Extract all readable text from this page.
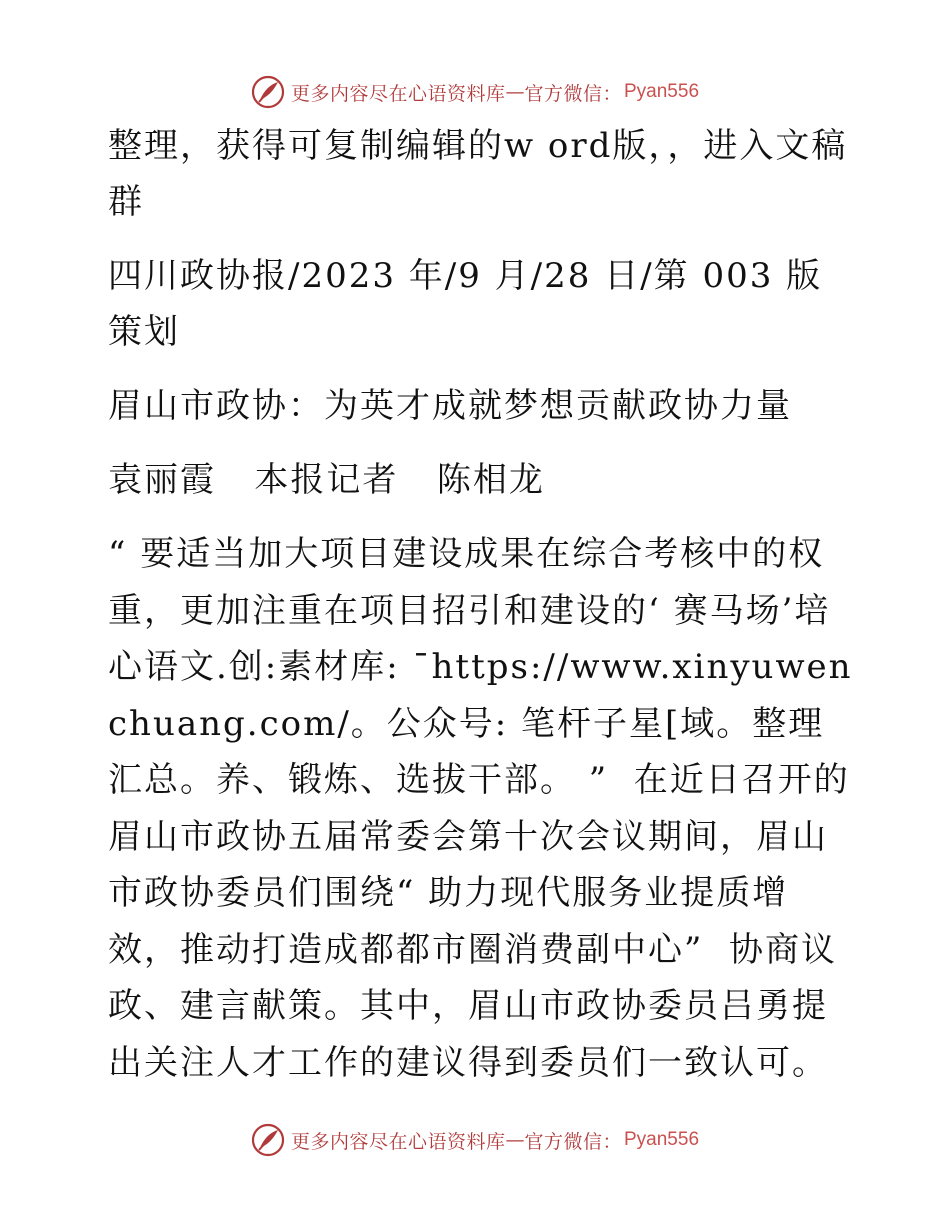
更多内容尽在心语资料库 — 官方微信： Pyan556

整理，获得可复制编辑的w ord版，，进入文稿群

四川政协报/2023 年/9 月/28 日/第 003 版策划

眉山市政协：为英才成就梦想贡献政协力量

袁丽霞   本报记者   陈相龙

“ 要适当加大项目建设成果在综合考核中的权重，更加注重在项目招引和建设的‘ 赛马场’培心语文.创:素材库: ¯https://www.xinyuwenchuang.com/。公众号: 笔杆子星[域。整理汇总。养、锻炼、选拔干部。 ”  在近日召开的眉山市政协五届常委会第十次会议期间，眉山市政协委员们围绕“ 助力现代服务业提质增效，推动打造成都都市圈消费副中心”  协商议政、建言献策。其中，眉山市政协委员吕勇提出关注人才工作的建议得到委员们一致认可。

更多内容尽在心语资料库 — 官方微信： Pyan556
